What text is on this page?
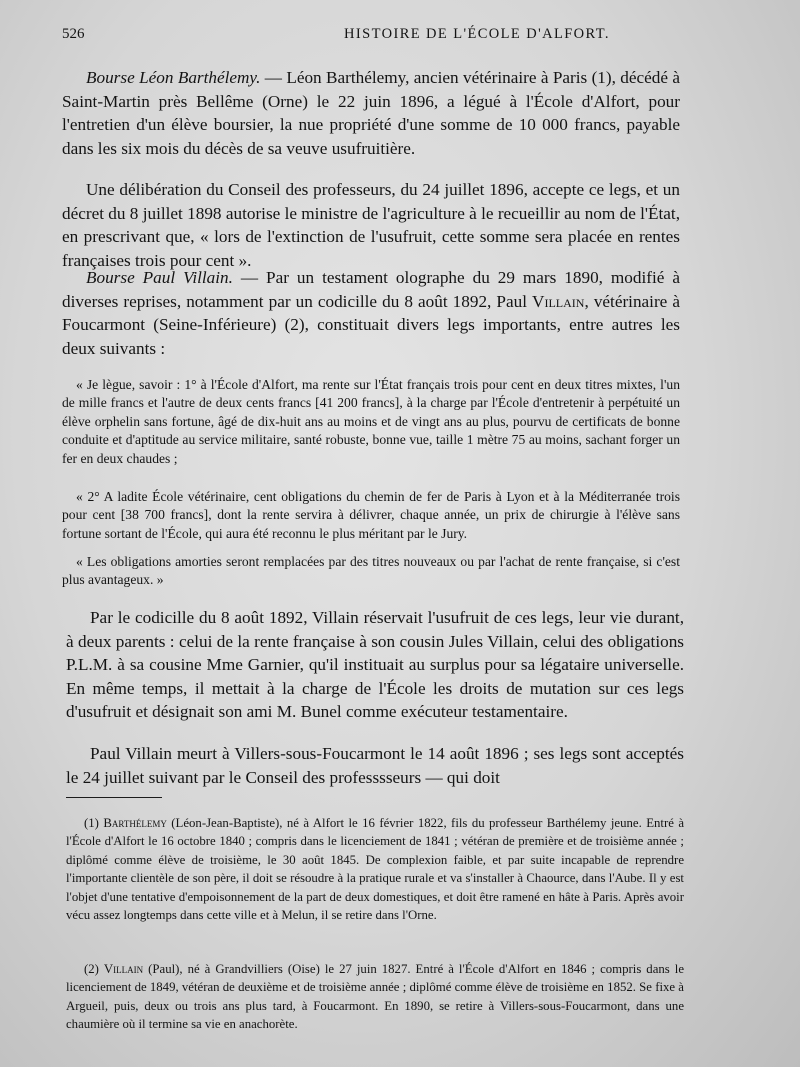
526	HISTOIRE DE L'ÉCOLE D'ALFORT.

Bourse Léon Barthélemy. — Léon Barthélemy, ancien vétérinaire à Paris (1), décédé à Saint-Martin près Bellême (Orne) le 22 juin 1896, a légué à l'École d'Alfort, pour l'entretien d'un élève boursier, la nue propriété d'une somme de 10 000 francs, payable dans les six mois du décès de sa veuve usufruitière.

Une délibération du Conseil des professeurs, du 24 juillet 1896, accepte ce legs, et un décret du 8 juillet 1898 autorise le ministre de l'agriculture à le recueillir au nom de l'État, en prescrivant que, « lors de l'extinction de l'usufruit, cette somme sera placée en rentes françaises trois pour cent ».

Bourse Paul Villain. — Par un testament olographe du 29 mars 1890, modifié à diverses reprises, notamment par un codicille du 8 août 1892, Paul Villain, vétérinaire à Foucarmont (Seine-Inférieure) (2), constituait divers legs importants, entre autres les deux suivants :

« Je lègue, savoir : 1° à l'École d'Alfort, ma rente sur l'État français trois pour cent en deux titres mixtes, l'un de mille francs et l'autre de deux cents francs [41 200 francs], à la charge par l'École d'entretenir à perpétuité un élève orphelin sans fortune, âgé de dix-huit ans au moins et de vingt ans au plus, pourvu de certificats de bonne conduite et d'aptitude au service militaire, santé robuste, bonne vue, taille 1 mètre 75 au moins, sachant forger un fer en deux chaudes ;

« 2° A ladite École vétérinaire, cent obligations du chemin de fer de Paris à Lyon et à la Méditerranée trois pour cent [38 700 francs], dont la rente servira à délivrer, chaque année, un prix de chirurgie à l'élève sans fortune sortant de l'École, qui aura été reconnu le plus méritant par le Jury.

« Les obligations amorties seront remplacées par des titres nouveaux ou par l'achat de rente française, si c'est plus avantageux. »

Par le codicille du 8 août 1892, Villain réservait l'usufruit de ces legs, leur vie durant, à deux parents : celui de la rente française à son cousin Jules Villain, celui des obligations P.L.M. à sa cousine Mme Garnier, qu'il instituait au surplus pour sa légataire universelle. En même temps, il mettait à la charge de l'École les droits de mutation sur ces legs d'usufruit et désignait son ami M. Bunel comme exécuteur testamentaire.

Paul Villain meurt à Villers-sous-Foucarmont le 14 août 1896 ; ses legs sont acceptés le 24 juillet suivant par le Conseil des professsseurs — qui doit

(1) Barthélemy (Léon-Jean-Baptiste), né à Alfort le 16 février 1822, fils du professeur Barthélemy jeune. Entré à l'École d'Alfort le 16 octobre 1840 ; compris dans le licenciement de 1841 ; vétéran de première et de troisième année ; diplômé comme élève de troisième, le 30 août 1845. De complexion faible, et par suite incapable de reprendre l'importante clientèle de son père, il doit se résoudre à la pratique rurale et va s'installer à Chaource, dans l'Aube. Il y est l'objet d'une tentative d'empoisonnement de la part de deux domestiques, et doit être ramené en hâte à Paris. Après avoir vécu assez longtemps dans cette ville et à Melun, il se retire dans l'Orne.

(2) Villain (Paul), né à Grandvilliers (Oise) le 27 juin 1827. Entré à l'École d'Alfort en 1846 ; compris dans le licenciement de 1849, vétéran de deuxième et de troisième année ; diplômé comme élève de troisième en 1852. Se fixe à Argueil, puis, deux ou trois ans plus tard, à Foucarmont. En 1890, se retire à Villers-sous-Foucarmont, dans une chaumière où il termine sa vie en anachorète.
